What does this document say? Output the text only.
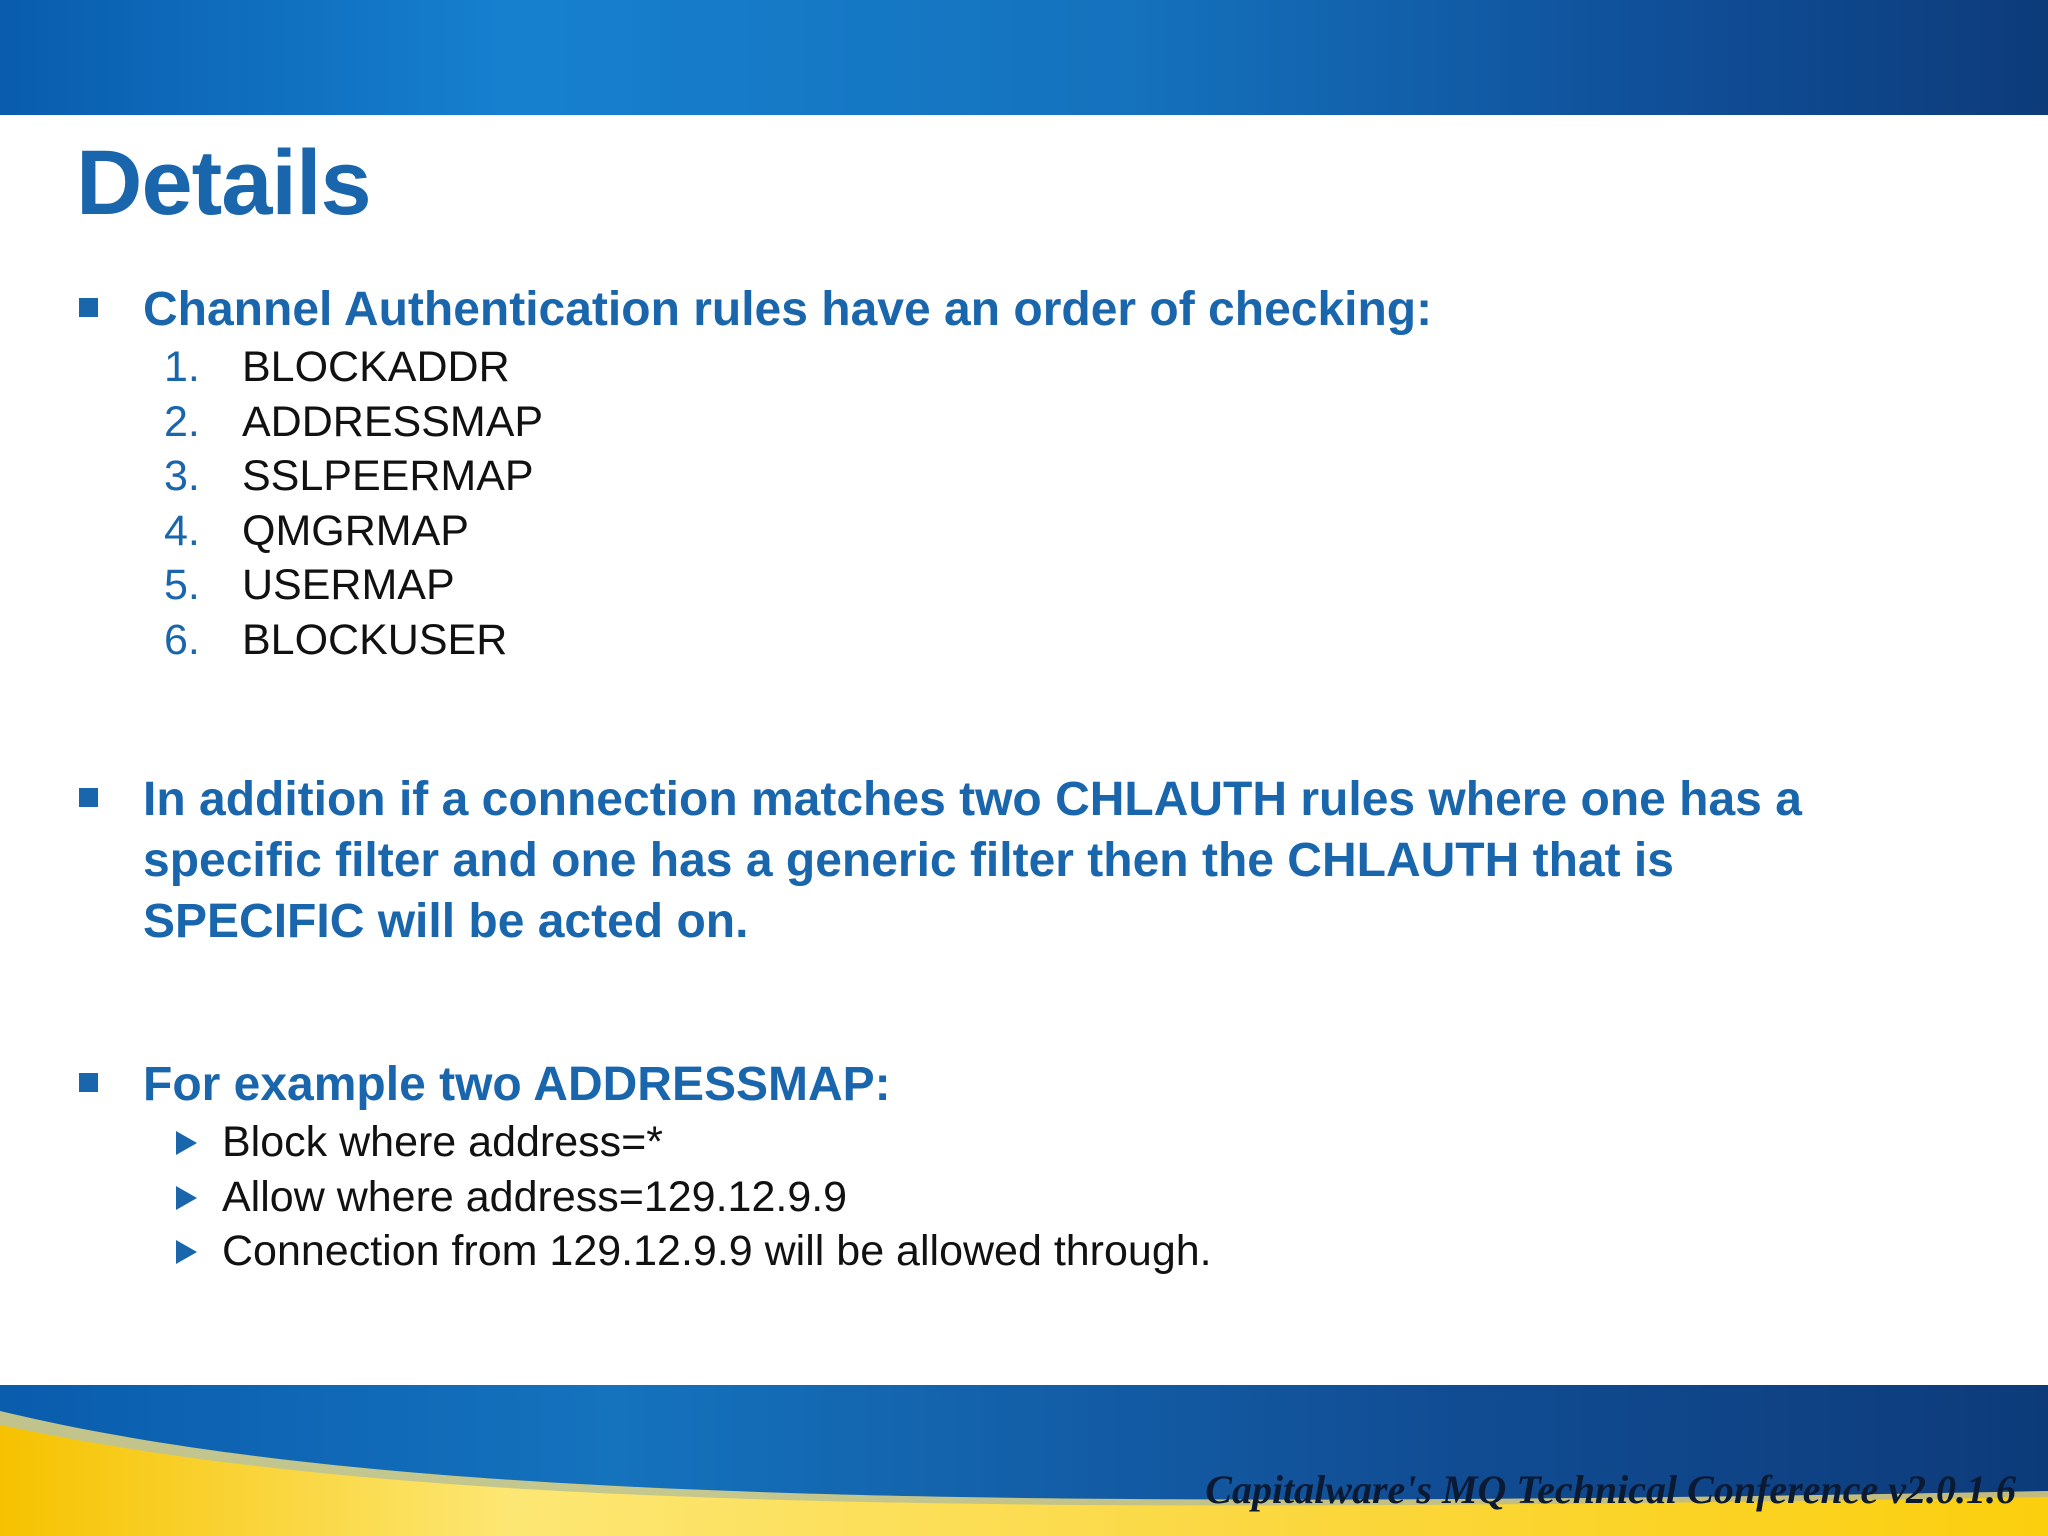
Details
Channel Authentication rules have an order of checking:
1. BLOCKADDR
2. ADDRESSMAP
3. SSLPEERMAP
4. QMGRMAP
5. USERMAP
6. BLOCKUSER
In addition if a connection matches two CHLAUTH rules where one has a
specific filter and one has a generic filter then the CHLAUTH that is
SPECIFIC will be acted on.
For example two ADDRESSMAP:
Block where address=*
Allow where address=129.12.9.9
Connection from 129.12.9.9 will be allowed through.
Capitalware's MQ Technical Conference v2.0.1.6
